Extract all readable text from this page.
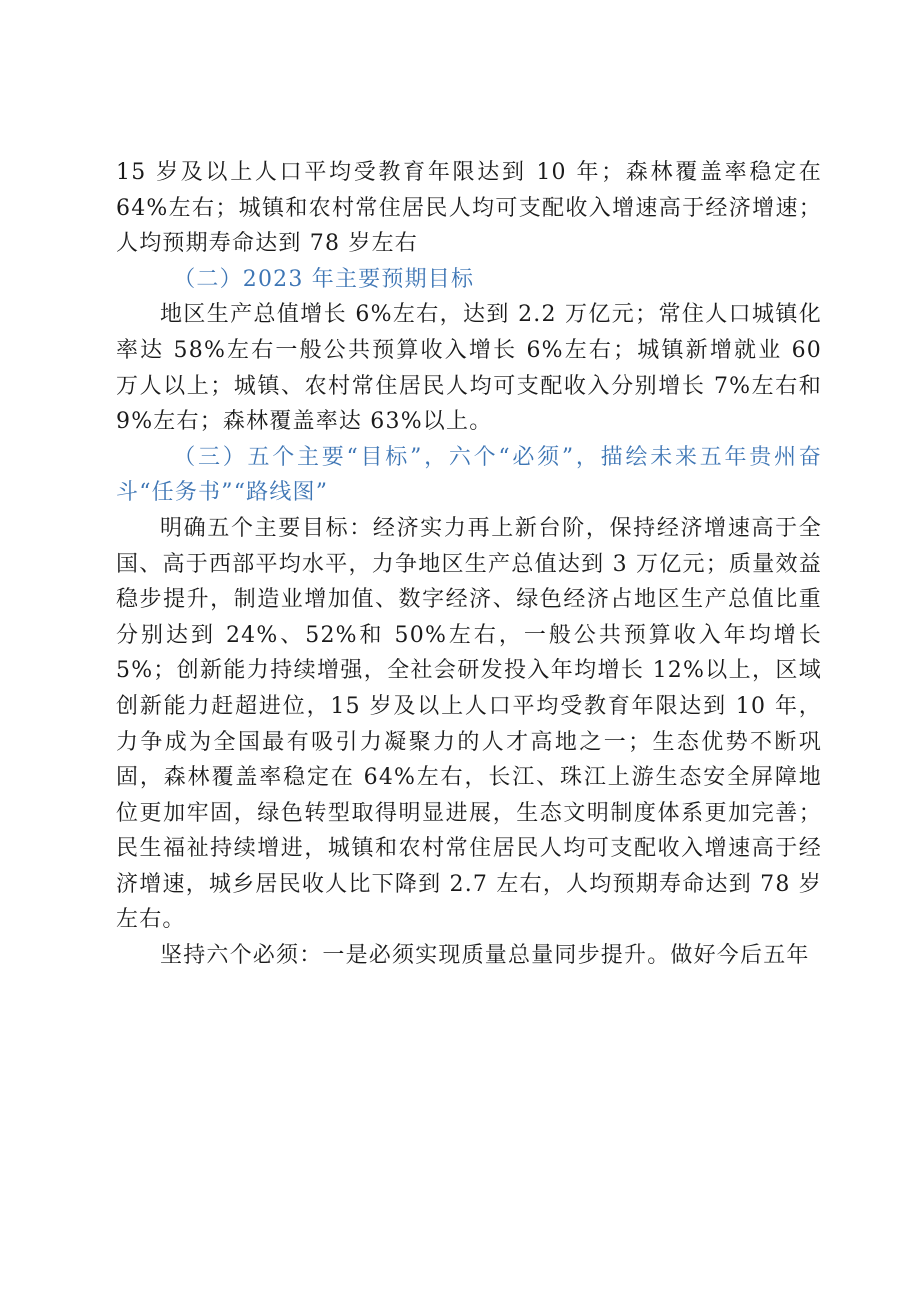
15 岁及以上人口平均受教育年限达到 10 年；森林覆盖率稳定在 64%左右；城镇和农村常住居民人均可支配收入增速高于经济增速；人均预期寿命达到 78 岁左右

（二）2023 年主要预期目标

地区生产总值增长 6%左右，达到 2.2 万亿元；常住人口城镇化率达 58%左右一般公共预算收入增长 6%左右；城镇新增就业 60 万人以上；城镇、农村常住居民人均可支配收入分别增长 7%左右和 9%左右；森林覆盖率达 63%以上。

（三）五个主要“目标”，六个“必须”，描绘未来五年贵州奋斗“任务书”“路线图”

明确五个主要目标：经济实力再上新台阶，保持经济增速高于全国、高于西部平均水平，力争地区生产总值达到 3 万亿元；质量效益稳步提升，制造业增加值、数字经济、绿色经济占地区生产总值比重分别达到 24%、52%和 50%左右，一般公共预算收入年均增长 5%；创新能力持续增强，全社会研发投入年均增长 12%以上，区域创新能力赶超进位，15 岁及以上人口平均受教育年限达到 10 年，力争成为全国最有吸引力凝聚力的人才高地之一；生态优势不断巩固，森林覆盖率稳定在 64%左右，长江、珠江上游生态安全屏障地位更加牢固，绿色转型取得明显进展，生态文明制度体系更加完善；民生福祉持续增进，城镇和农村常住居民人均可支配收入增速高于经济增速，城乡居民收人比下降到 2.7 左右，人均预期寿命达到 78 岁左右。

坚持六个必须：一是必须实现质量总量同步提升。做好今后五年
